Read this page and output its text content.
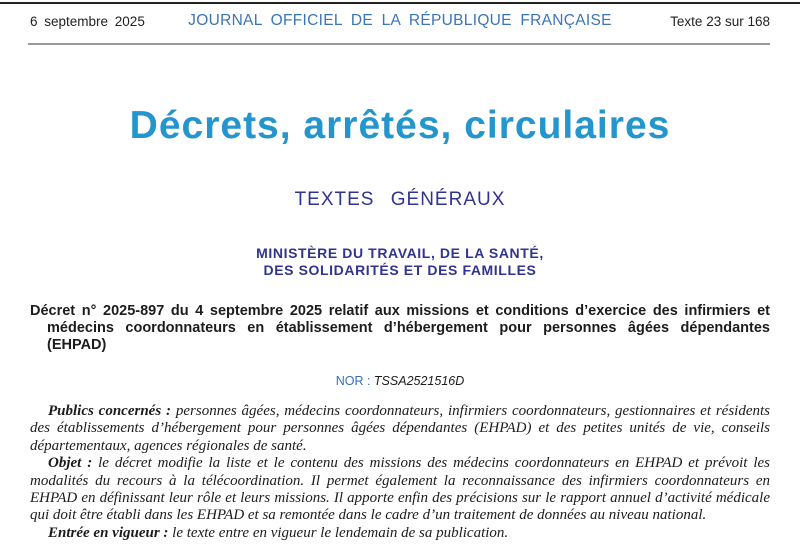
6 septembre 2025	JOURNAL OFFICIEL DE LA RÉPUBLIQUE FRANÇAISE	Texte 23 sur 168
Décrets, arrêtés, circulaires
TEXTES GÉNÉRAUX
MINISTÈRE DU TRAVAIL, DE LA SANTÉ,
DES SOLIDARITÉS ET DES FAMILLES

Décret n° 2025-897 du 4 septembre 2025 relatif aux missions et conditions d’exercice des infirmiers et médecins coordonnateurs en établissement d’hébergement pour personnes âgées dépendantes (EHPAD)

NOR : TSSA2521516D

Publics concernés : personnes âgées, médecins coordonnateurs, infirmiers coordonnateurs, gestionnaires et résidents des établissements d’hébergement pour personnes âgées dépendantes (EHPAD) et des petites unités de vie, conseils départementaux, agences régionales de santé.

Objet : le décret modifie la liste et le contenu des missions des médecins coordonnateurs en EHPAD et prévoit les modalités du recours à la télécoordination. Il permet également la reconnaissance des infirmiers coordonnateurs en EHPAD en définissant leur rôle et leurs missions. Il apporte enfin des précisions sur le rapport annuel d’activité médicale qui doit être établi dans les EHPAD et sa remontée dans le cadre d’un traitement de données au niveau national.

Entrée en vigueur : le texte entre en vigueur le lendemain de sa publication.
